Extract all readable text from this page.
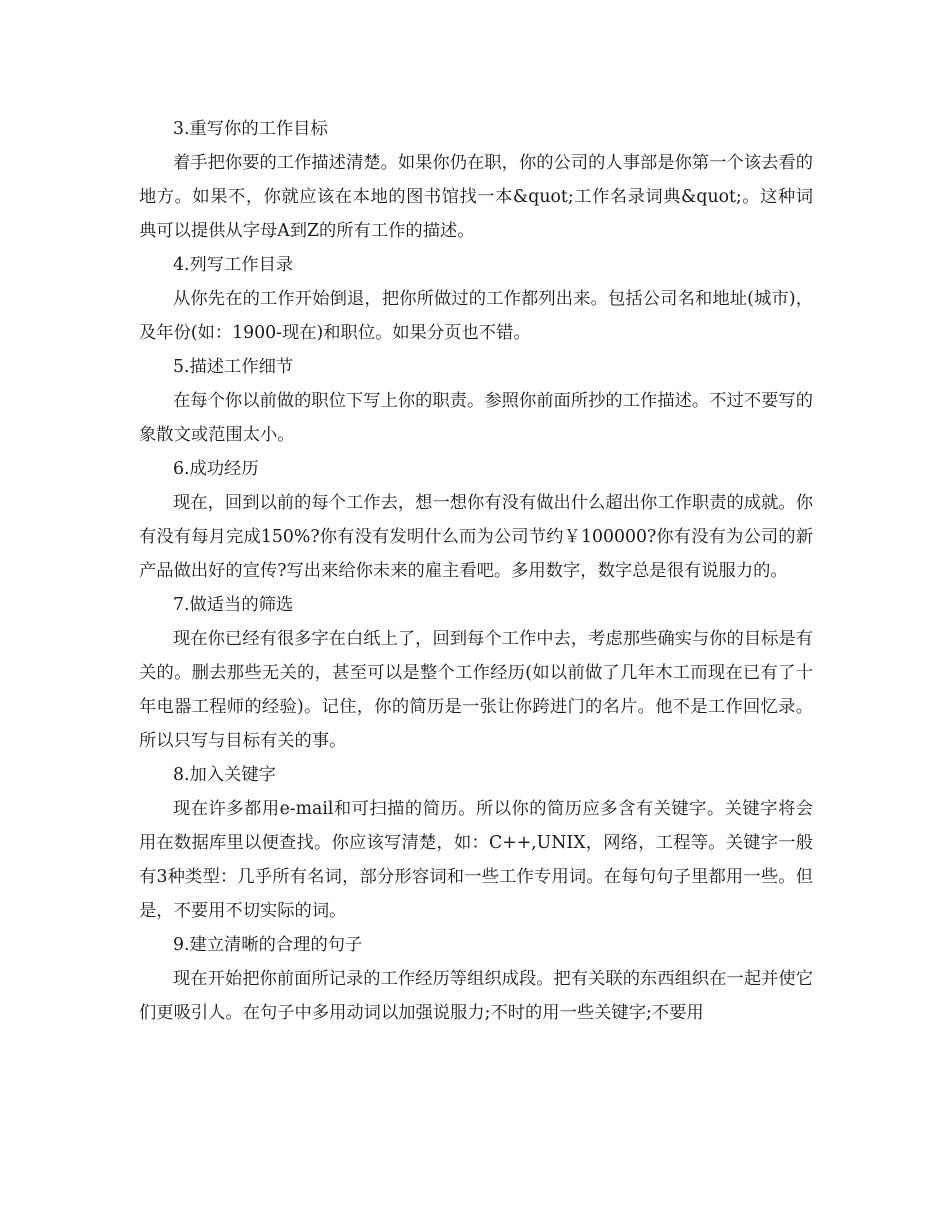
3.重写你的工作目标

着手把你要的工作描述清楚。如果你仍在职，你的公司的人事部是你第一个该去看的地方。如果不，你就应该在本地的图书馆找一本&quot;工作名录词典&quot;。这种词典可以提供从字母A到Z的所有工作的描述。

4.列写工作目录

从你先在的工作开始倒退，把你所做过的工作都列出来。包括公司名和地址(城市)，及年份(如：1900-现在)和职位。如果分页也不错。

5.描述工作细节

在每个你以前做的职位下写上你的职责。参照你前面所抄的工作描述。不过不要写的象散文或范围太小。

6.成功经历

现在，回到以前的每个工作去，想一想你有没有做出什么超出你工作职责的成就。你有没有每月完成150%?你有没有发明什么而为公司节约￥100000?你有没有为公司的新产品做出好的宣传?写出来给你未来的雇主看吧。多用数字，数字总是很有说服力的。

7.做适当的筛选

现在你已经有很多字在白纸上了，回到每个工作中去，考虑那些确实与你的目标是有关的。删去那些无关的，甚至可以是整个工作经历(如以前做了几年木工而现在已有了十年电器工程师的经验)。记住，你的简历是一张让你跨进门的名片。他不是工作回忆录。所以只写与目标有关的事。

8.加入关键字

现在许多都用e-mail和可扫描的简历。所以你的简历应多含有关键字。关键字将会用在数据库里以便查找。你应该写清楚，如：C++,UNIX，网络，工程等。关键字一般有3种类型：几乎所有名词，部分形容词和一些工作专用词。在每句句子里都用一些。但是，不要用不切实际的词。

9.建立清晰的合理的句子

现在开始把你前面所记录的工作经历等组织成段。把有关联的东西组织在一起并使它们更吸引人。在句子中多用动词以加强说服力;不时的用一些关键字;不要用
